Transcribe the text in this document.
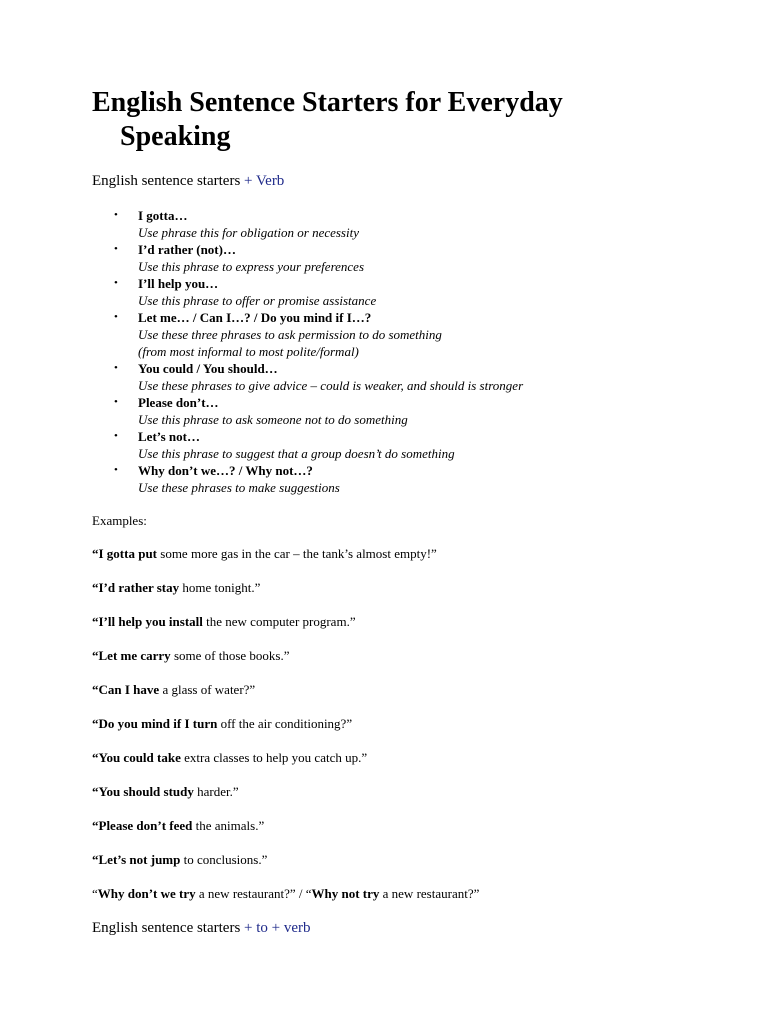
English Sentence Starters for Everyday Speaking

English sentence starters + Verb

• I gotta…
Use phrase this for obligation or necessity
• I’d rather (not)…
Use this phrase to express your preferences
• I’ll help you…
Use this phrase to offer or promise assistance
• Let me… / Can I…? / Do you mind if I…?
Use these three phrases to ask permission to do something
(from most informal to most polite/formal)
• You could / You should…
Use these phrases to give advice – could is weaker, and should is stronger
• Please don’t…
Use this phrase to ask someone not to do something
• Let’s not…
Use this phrase to suggest that a group doesn’t do something
• Why don’t we…? / Why not…?
Use these phrases to make suggestions

Examples:

“I gotta put some more gas in the car – the tank’s almost empty!”
“I’d rather stay home tonight.”
“I’ll help you install the new computer program.”
“Let me carry some of those books.”
“Can I have a glass of water?”
“Do you mind if I turn off the air conditioning?”
“You could take extra classes to help you catch up.”
“You should study harder.”
“Please don’t feed the animals.”
“Let’s not jump to conclusions.”
“Why don’t we try a new restaurant?” / “Why not try a new restaurant?”

English sentence starters + to + verb
